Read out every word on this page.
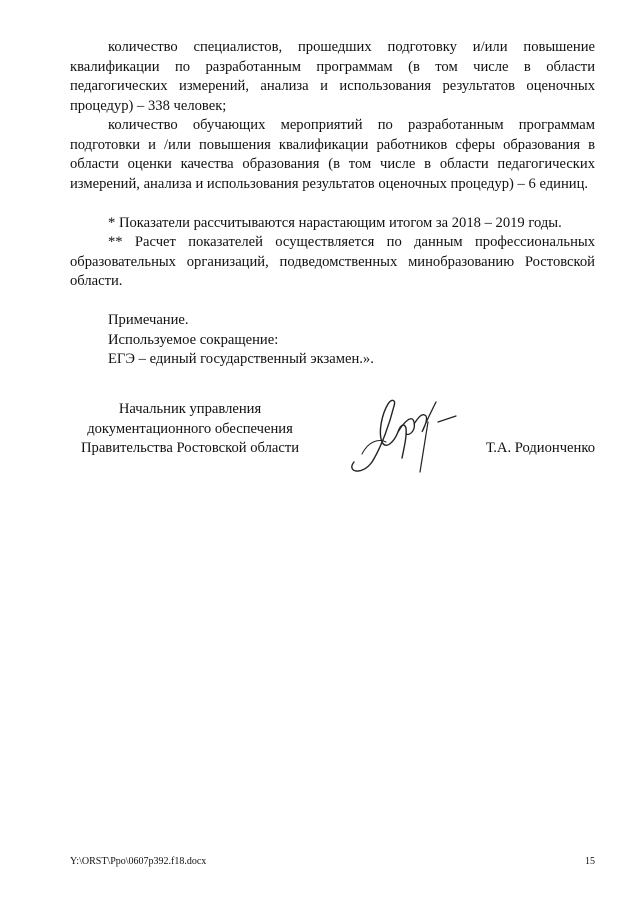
количество специалистов, прошедших подготовку и/или повышение квалификации по разработанным программам (в том числе в области педагогических измерений, анализа и использования результатов оценочных процедур) – 338 человек;

количество обучающих мероприятий по разработанным программам подготовки и /или повышения квалификации работников сферы образования в области оценки качества образования (в том числе в области педагогических измерений, анализа и использования результатов оценочных процедур) – 6 единиц.

* Показатели рассчитываются нарастающим итогом за 2018 – 2019 годы.

** Расчет показателей осуществляется по данным профессиональных образовательных организаций, подведомственных минобразованию Ростовской области.

Примечание.

Используемое сокращение:

ЕГЭ – единый государственный экзамен.».

Начальник управления
документационного обеспечения
Правительства Ростовской области	Т.А. Родионченко
Y:\ORST\Ppo\0607p392.f18.docx	15
